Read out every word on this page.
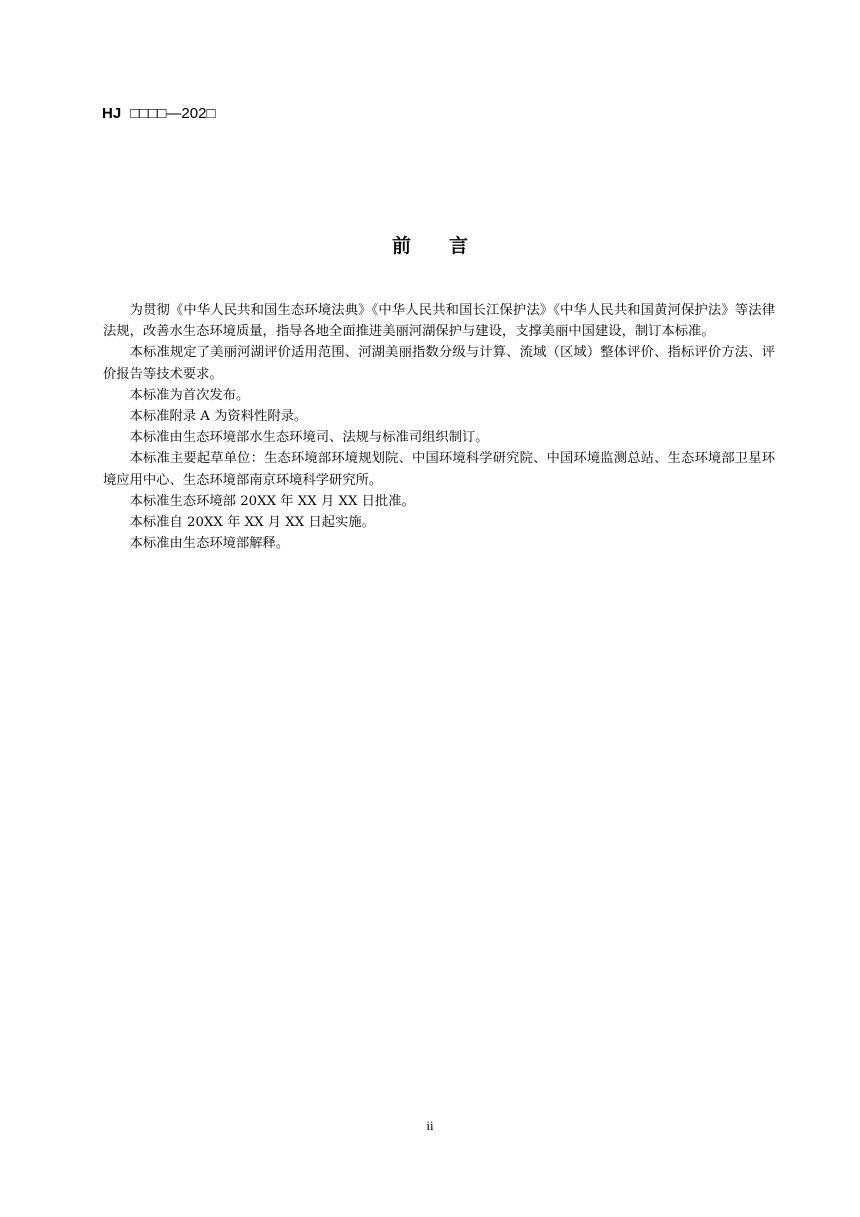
HJ □□□□—202□
前言

为贯彻《中华人民共和国生态环境法典》《中华人民共和国长江保护法》《中华人民共和国黄河保护法》等法律法规，改善水生态环境质量，指导各地全面推进美丽河湖保护与建设，支撑美丽中国建设，制订本标准。

本标准规定了美丽河湖评价适用范围、河湖美丽指数分级与计算、流域（区域）整体评价、指标评价方法、评价报告等技术要求。

本标准为首次发布。

本标准附录 A 为资料性附录。

本标准由生态环境部水生态环境司、法规与标准司组织制订。

本标准主要起草单位：生态环境部环境规划院、中国环境科学研究院、中国环境监测总站、生态环境部卫星环境应用中心、生态环境部南京环境科学研究所。

本标准生态环境部 20XX 年 XX 月 XX 日批准。

本标准自 20XX 年 XX 月 XX 日起实施。

本标准由生态环境部解释。

ii
